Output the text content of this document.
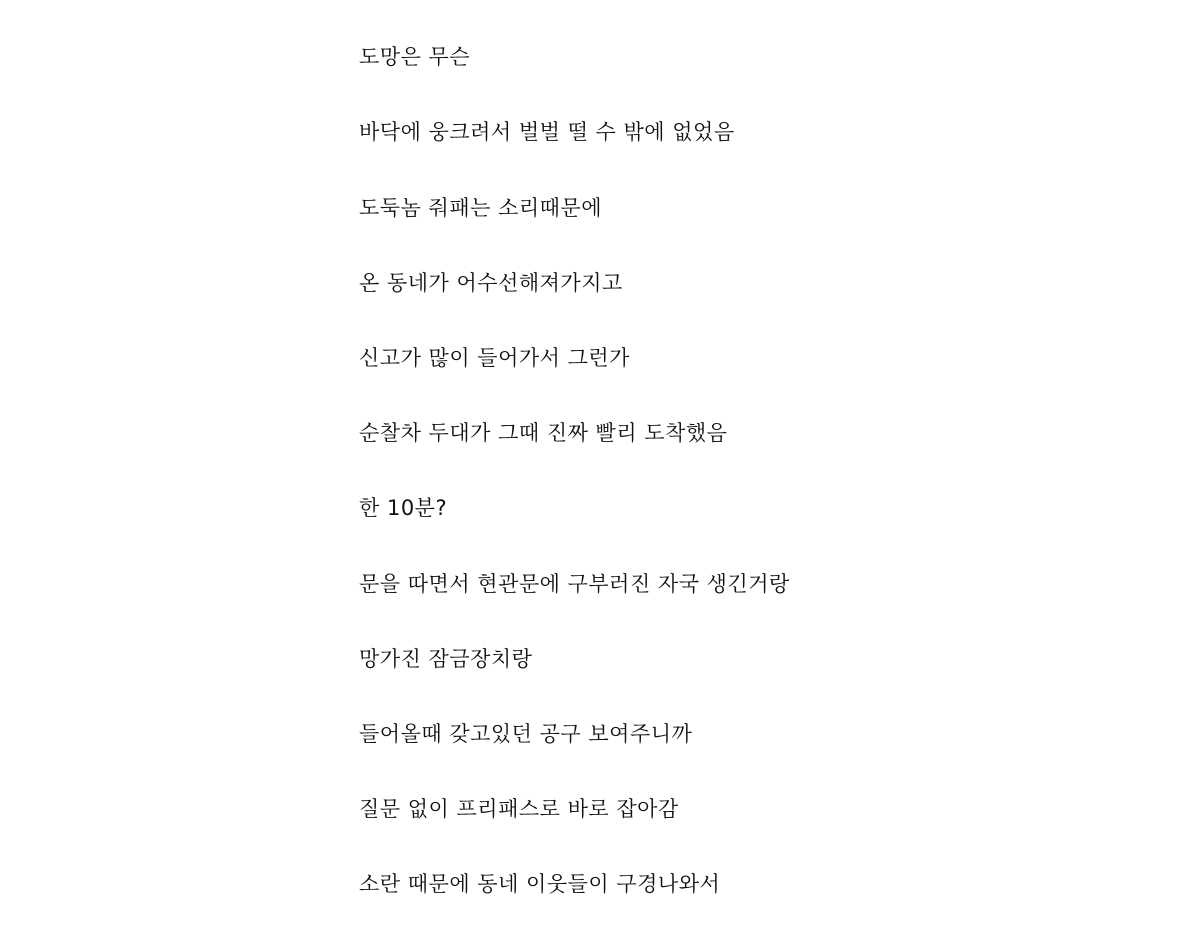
도망은 무슨
바닥에 웅크려서 벌벌 떨 수 밖에 없었음
도둑놈 줘패는 소리때문에
온 동네가 어수선해져가지고
신고가 많이 들어가서 그런가
순찰차 두대가 그때 진짜 빨리 도착했음
한 10분?
문을 따면서 현관문에 구부러진 자국 생긴거랑
망가진 잠금장치랑
들어올때 갖고있던 공구 보여주니까
질문 없이 프리패스로 바로 잡아감
소란 때문에 동네 이웃들이 구경나와서
